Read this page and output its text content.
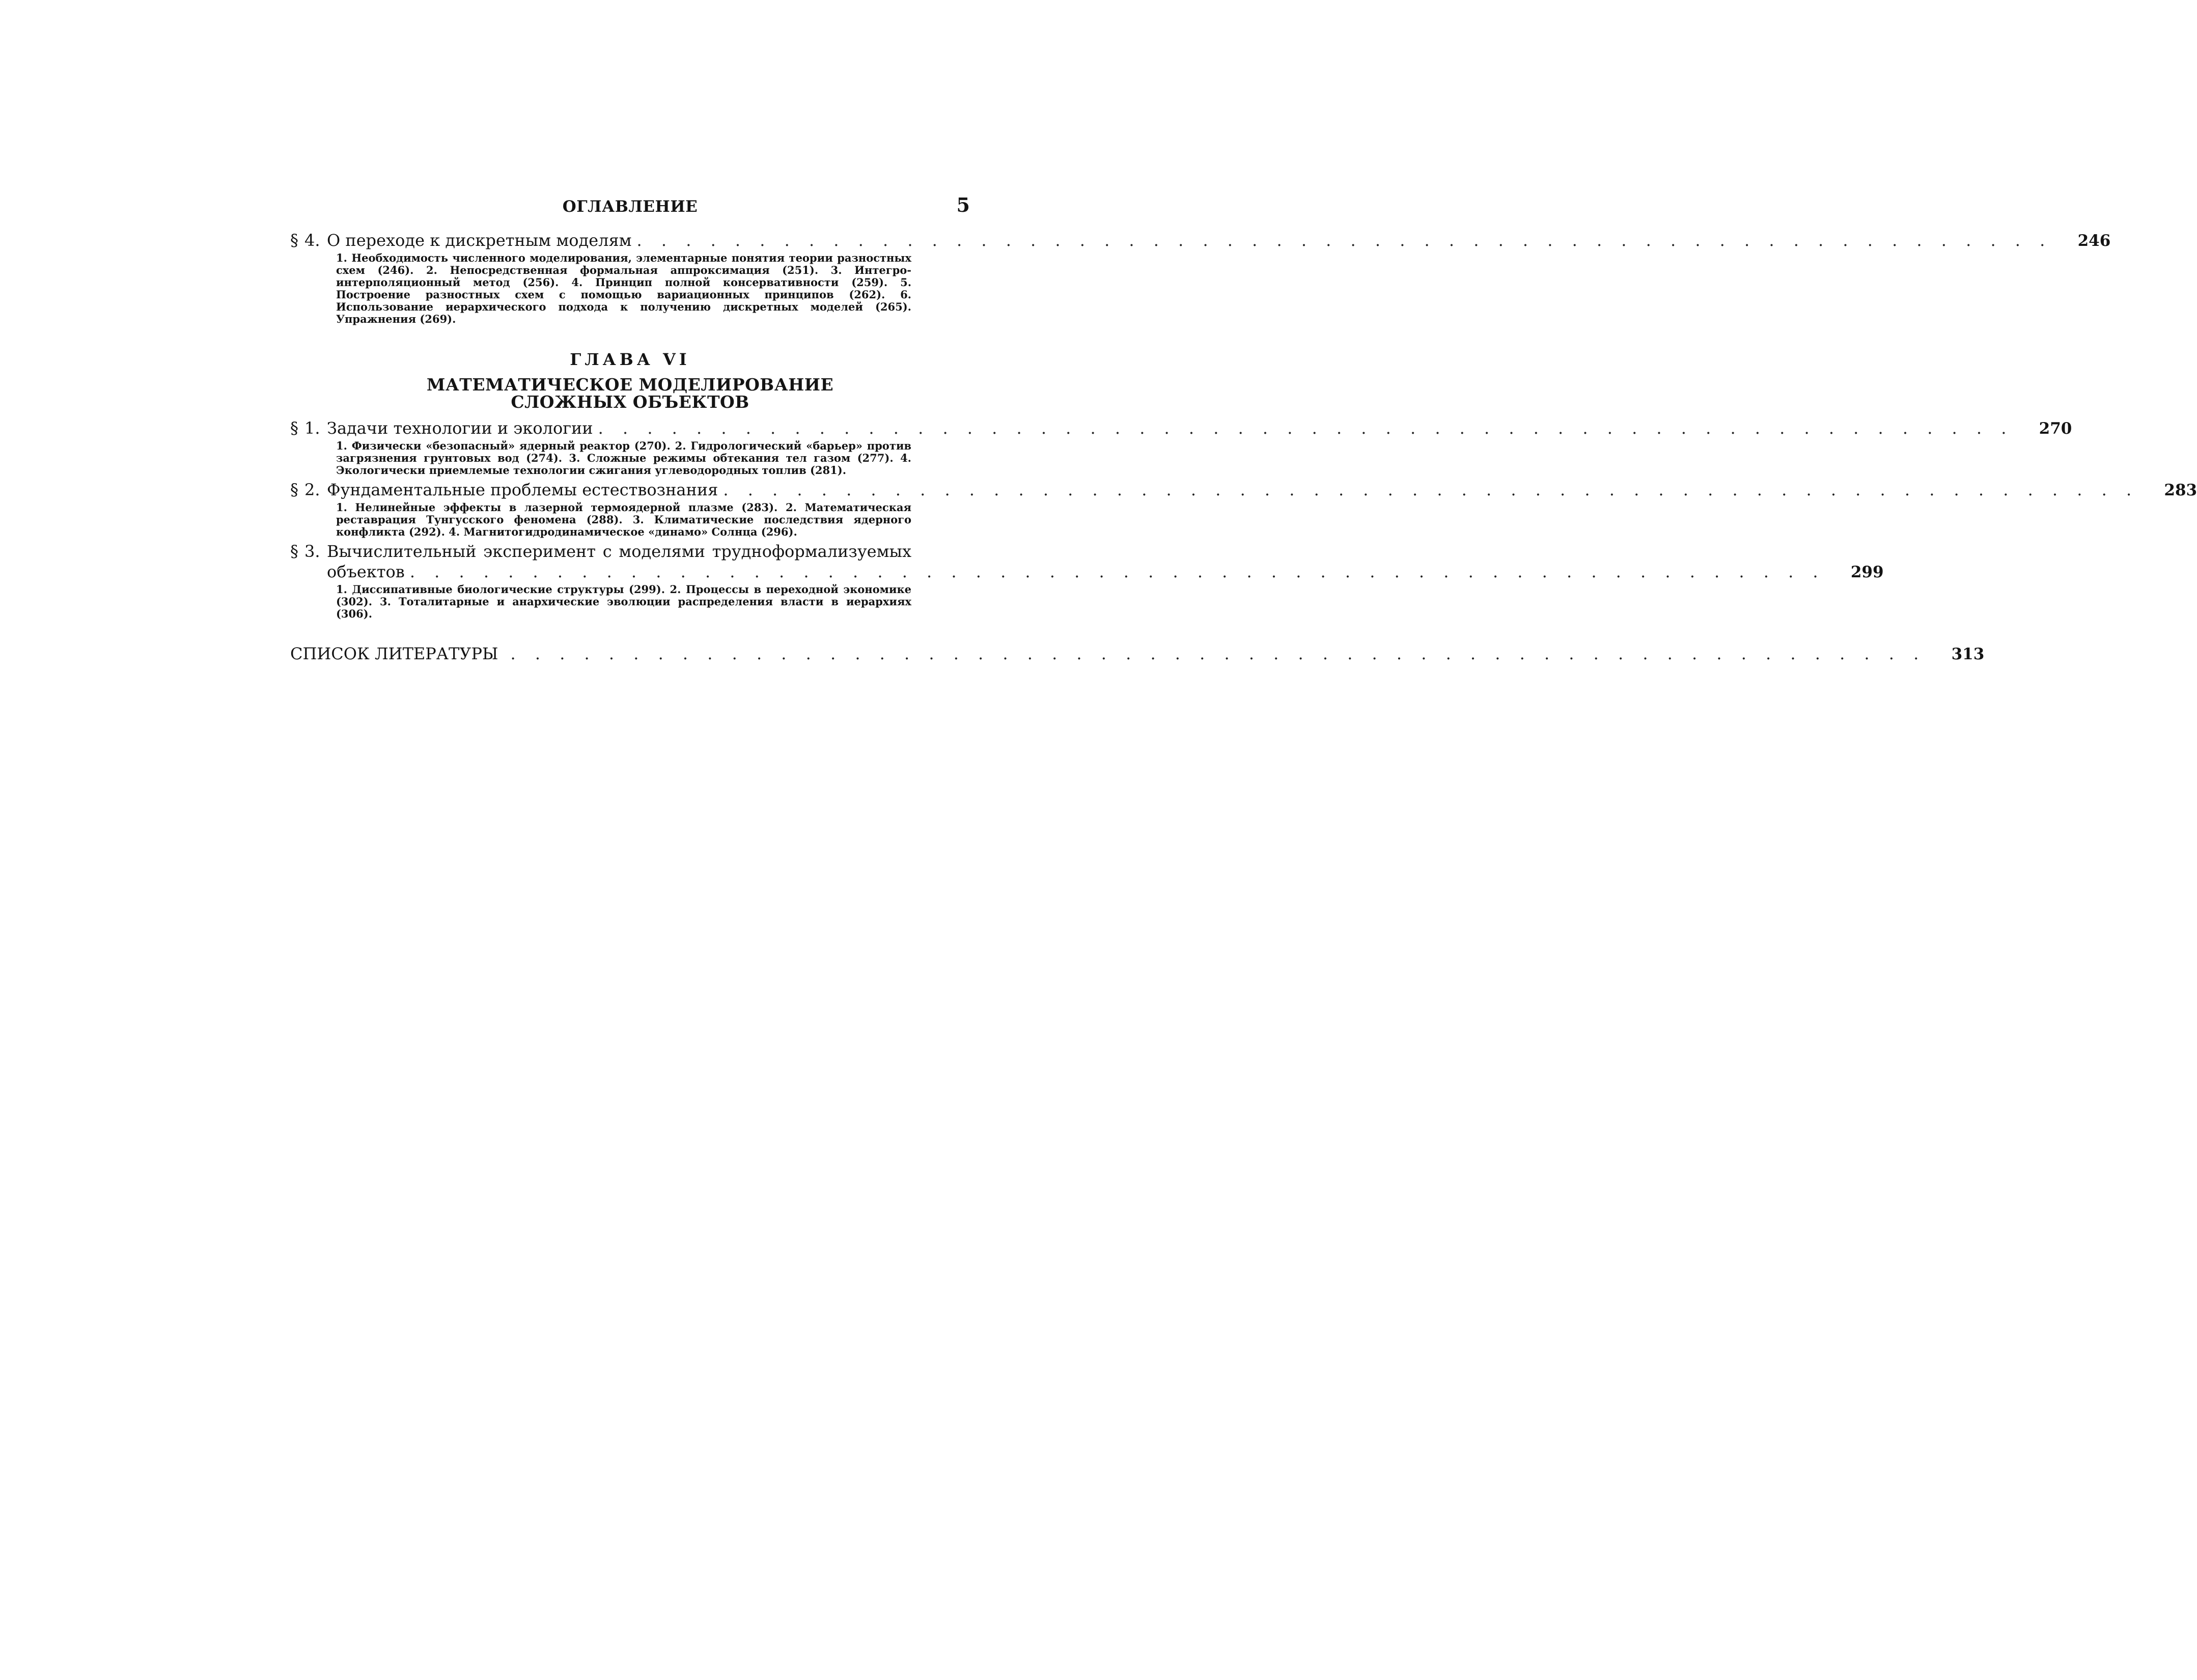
ОГЛАВЛЕНИЕ	5
§ 4. О переходе к дискретным моделям . . . . . . . . . . . . . . . . . . . . . . . . . . . . . . . . . . . . . . . . . . . . . . . . . . . . . . . . . .	246
1. Необходимость численного моделирования, элементарные понятия теории разностных схем (246). 2. Непосредственная формальная аппроксимация (251). 3. Интегро-интерполяционный метод (256). 4. Принцип полной консервативности (259). 5. Построение разностных схем с помощью вариационных принципов (262). 6. Использование иерархического подхода к получению дискретных моделей (265). Упражнения (269).
ГЛАВА VI
МАТЕМАТИЧЕСКОЕ МОДЕЛИРОВАНИЕ
СЛОЖНЫХ ОБЪЕКТОВ
§ 1. Задачи технологии и экологии . . . . . . . . . . . . . . . . . . . . . . . . . . . . . . . . . . . . . . . . . . . . . . . . . . . . . . . . . .	270
1. Физически «безопасный» ядерный реактор (270). 2. Гидрологический «барьер» против загрязнения грунтовых вод (274). 3. Сложные режимы обтекания тел газом (277). 4. Экологически приемлемые технологии сжигания углеводородных топлив (281).
§ 2. Фундаментальные проблемы естествознания . . . . . . . . . . . . . . . . . . . . . . . . . . . . . . . . . . . . . . . . . . . . . . . . . . . . . . . . . .	283
1. Нелинейные эффекты в лазерной термоядерной плазме (283). 2. Математическая реставрация Тунгусского феномена (288). 3. Климатические последствия ядерного конфликта (292). 4. Магнитогидродинамическое «динамо» Солнца (296).
§ 3. Вычислительный эксперимент с моделями трудноформализуемых
объектов . . . . . . . . . . . . . . . . . . . . . . . . . . . . . . . . . . . . . . . . . . . . . . . . . . . . . . . . . .	299
1. Диссипативные биологические структуры (299). 2. Процессы в переходной экономике (302). 3. Тоталитарные и анархические эволюции распределения власти в иерархиях (306).
СПИСОК ЛИТЕРАТУРЫ . . . . . . . . . . . . . . . . . . . . . . . . . . . . . . . . . . . . . . . . . . . . . . . . . . . . . . . . . .	313
